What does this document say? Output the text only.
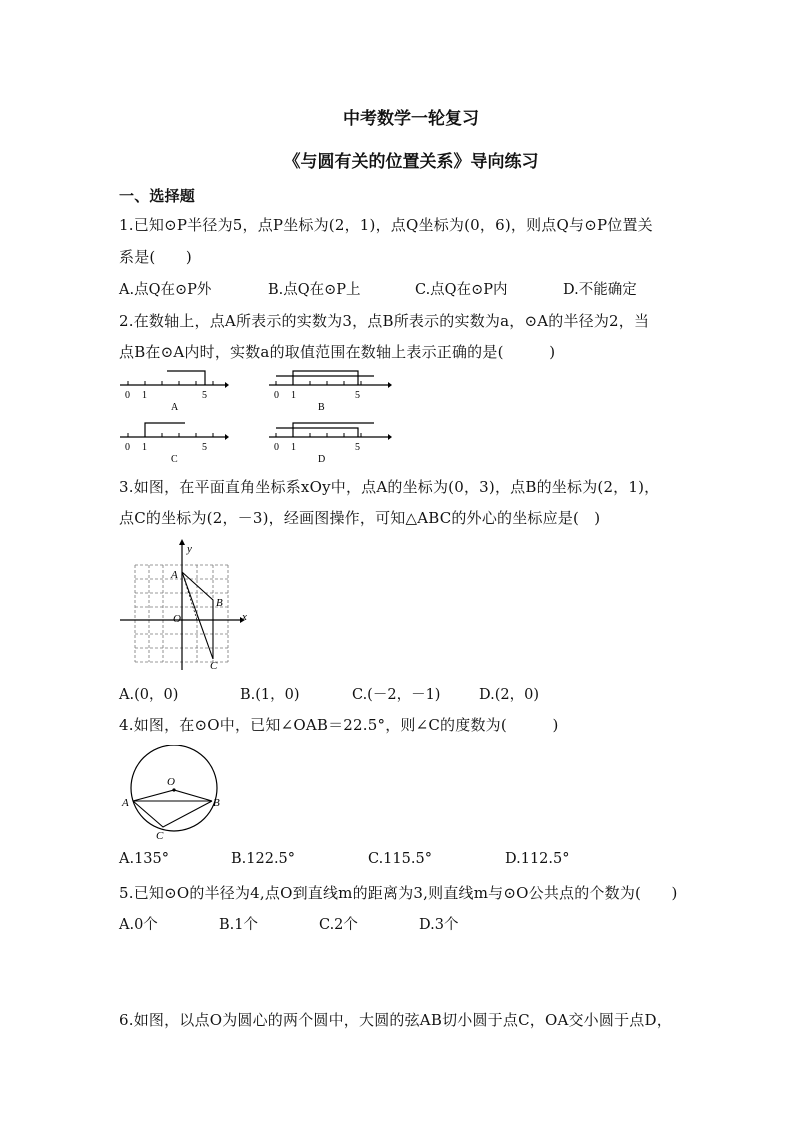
中考数学一轮复习
《与圆有关的位置关系》导向练习
一、选择题
1.已知⊙P半径为5，点P坐标为(2，1)，点Q坐标为(0，6)，则点Q与⊙P位置关
系是(　　)
A.点Q在⊙P外	B.点Q在⊙P上	C.点Q在⊙P内	D.不能确定
2.在数轴上，点A所表示的实数为3，点B所表示的实数为a，⊙A的半径为2，当
点B在⊙A内时，实数a的取值范围在数轴上表示正确的是(　　　)
0 1	5
A
0 1	5
B
0 1	5
C
0 1	5
D
3.如图，在平面直角坐标系xOy中，点A的坐标为(0，3)，点B的坐标为(2，1)，
点C的坐标为(2，－3)，经画图操作，可知△ABC的外心的坐标应是(　)
y
x
O
A
B
C
A.(0，0)	B.(1，0)	C.(－2，－1)	D.(2，0)
4.如图，在⊙O中，已知∠OAB＝22.5°，则∠C的度数为(　　　)
O
A	B
C
A.135°	B.122.5°	C.115.5°	D.112.5°
5.已知⊙O的半径为4,点O到直线m的距离为3,则直线m与⊙O公共点的个数为(　　)
A.0个	B.1个	C.2个	D.3个
6.如图，以点O为圆心的两个圆中，大圆的弦AB切小圆于点C，OA交小圆于点D，
